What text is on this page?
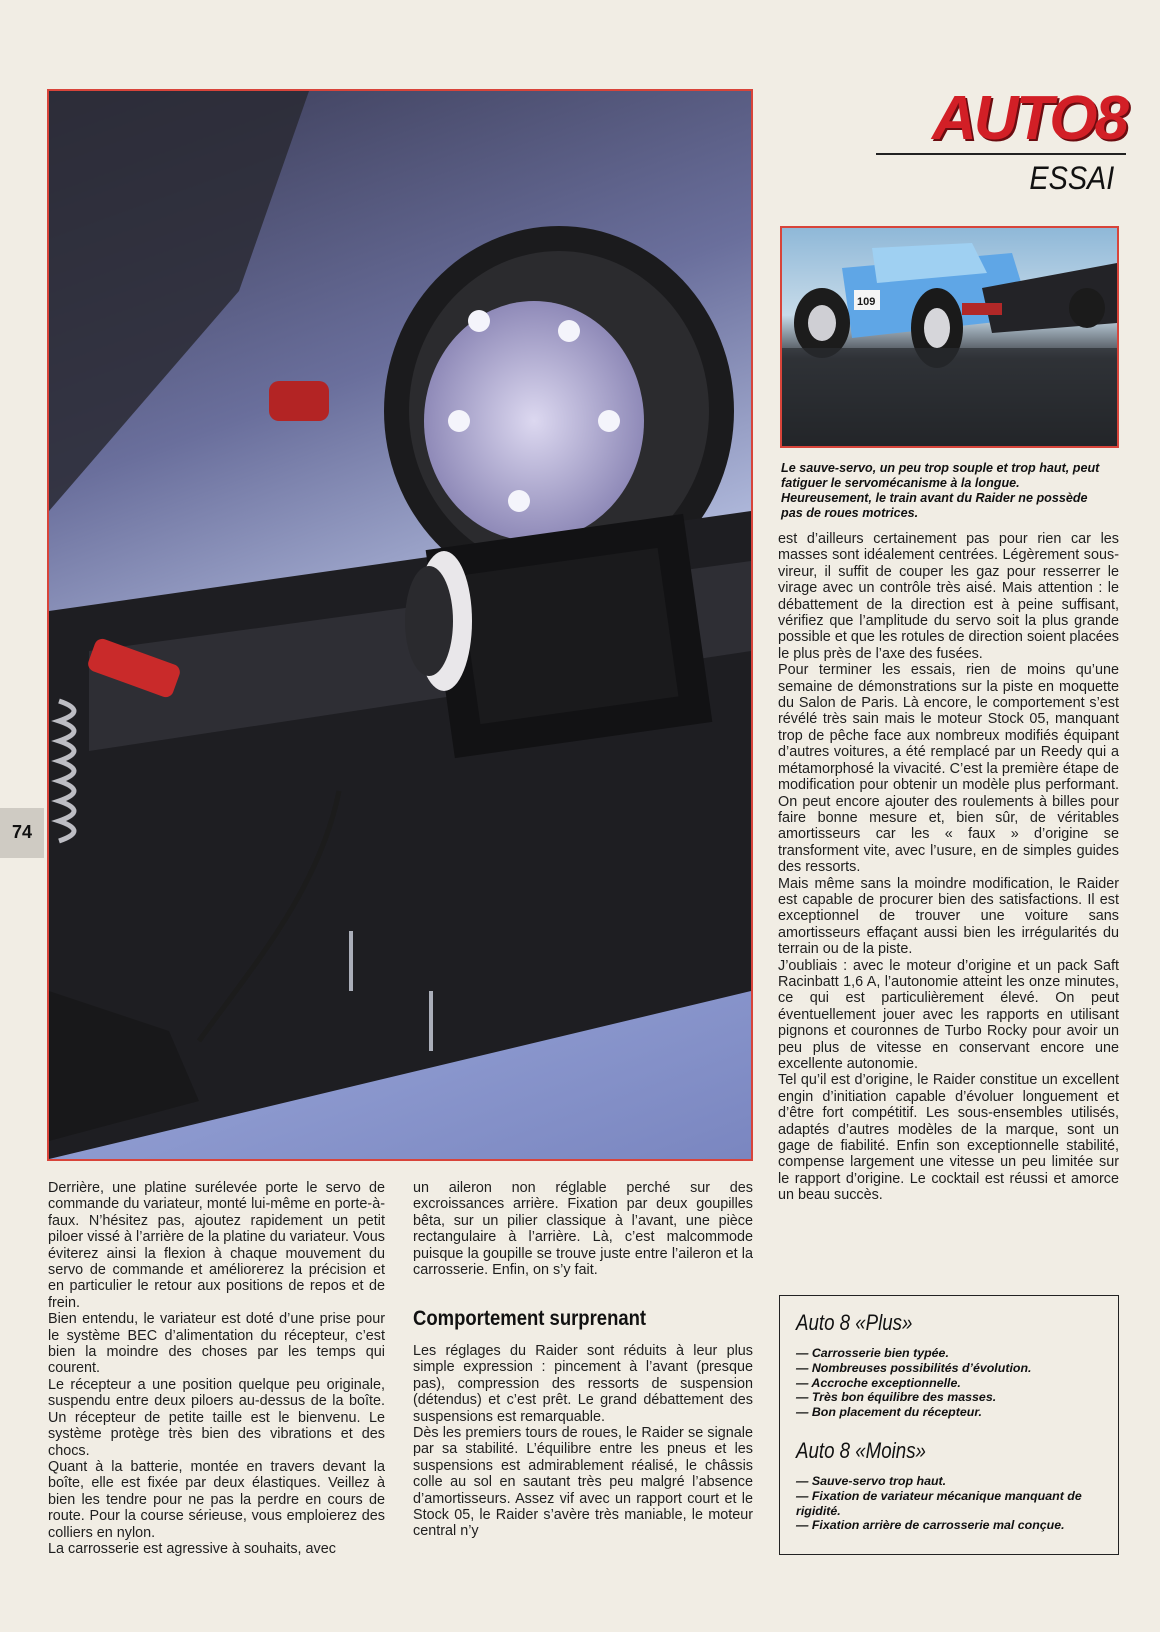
109
AUTO8
ESSAI
74
Le sauve-servo, un peu trop souple et trop haut, peut fatiguer le servomécanisme à la longue. Heureusement, le train avant du Raider ne possède pas de roues motrices.

est d’ailleurs certainement pas pour rien car les masses sont idéalement centrées. Légèrement sous-vireur, il suffit de couper les gaz pour resserrer le virage avec un contrôle très aisé. Mais attention : le débattement de la direction est à peine suffisant, vérifiez que l’amplitude du servo soit la plus grande possible et que les rotules de direction soient placées le plus près de l’axe des fusées.

Pour terminer les essais, rien de moins qu’une semaine de démonstrations sur la piste en moquette du Salon de Paris. Là encore, le comportement s’est révélé très sain mais le moteur Stock 05, manquant trop de pêche face aux nombreux modifiés équipant d’autres voitures, a été remplacé par un Reedy qui a métamorphosé la vivacité. C’est la première étape de modification pour obtenir un modèle plus performant. On peut encore ajouter des roulements à billes pour faire bonne mesure et, bien sûr, de véritables amortisseurs car les « faux » d’origine se transforment vite, avec l’usure, en de simples guides des ressorts.

Mais même sans la moindre modification, le Raider est capable de procurer bien des satisfactions. Il est exceptionnel de trouver une voiture sans amortisseurs effaçant aussi bien les irrégularités du terrain ou de la piste.

J’oubliais : avec le moteur d’origine et un pack Saft Racinbatt 1,6 A, l’autonomie atteint les onze minutes, ce qui est particulièrement élevé. On peut éventuellement jouer avec les rapports en utilisant pignons et couronnes de Turbo Rocky pour avoir un peu plus de vitesse en conservant encore une excellente autonomie.

Tel qu’il est d’origine, le Raider constitue un excellent engin d’initiation capable d’évoluer longuement et d’être fort compétitif. Les sous-ensembles utilisés, adaptés d’autres modèles de la marque, sont un gage de fiabilité. Enfin son exceptionnelle stabilité, compense largement une vitesse un peu limitée sur le rapport d’origine. Le cocktail est réussi et amorce un beau succès.

Derrière, une platine surélevée porte le servo de commande du variateur, monté lui-même en porte-à-faux. N’hésitez pas, ajoutez rapidement un petit piloer vissé à l’arrière de la platine du variateur. Vous éviterez ainsi la flexion à chaque mouvement du servo de commande et améliorerez la précision et en particulier le retour aux positions de repos et de frein.

Bien entendu, le variateur est doté d’une prise pour le système BEC d’alimentation du récepteur, c’est bien la moindre des choses par les temps qui courent.

Le récepteur a une position quelque peu originale, suspendu entre deux piloers au-dessus de la boîte. Un récepteur de petite taille est le bienvenu. Le système protège très bien des vibrations et des chocs.

Quant à la batterie, montée en travers devant la boîte, elle est fixée par deux élastiques. Veillez à bien les tendre pour ne pas la perdre en cours de route. Pour la course sérieuse, vous emploierez des colliers en nylon.

La carrosserie est agressive à souhaits, avec

un aileron non réglable perché sur des excroissances arrière. Fixation par deux goupilles bêta, sur un pilier classique à l’avant, une pièce rectangulaire à l’arrière. Là, c’est malcommode puisque la goupille se trouve juste entre l’aileron et la carrosserie. Enfin, on s’y fait.

Comportement surprenant

Les réglages du Raider sont réduits à leur plus simple expression : pincement à l’avant (presque pas), compression des ressorts de suspension (détendus) et c’est prêt. Le grand débattement des suspensions est remarquable.

Dès les premiers tours de roues, le Raider se signale par sa stabilité. L’équilibre entre les pneus et les suspensions est admirablement réalisé, le châssis colle au sol en sautant très peu malgré l’absence d’amortisseurs. Assez vif avec un rapport court et le Stock 05, le Raider s’avère très maniable, le moteur central n’y

Auto 8 «Plus»
— Carrosserie bien typée.
— Nombreuses possibilités d’évolution.
— Accroche exceptionnelle.
— Très bon équilibre des masses.
— Bon placement du récepteur.
Auto 8 «Moins»
— Sauve-servo trop haut.
— Fixation de variateur mécanique manquant de rigidité.
— Fixation arrière de carrosserie mal conçue.
